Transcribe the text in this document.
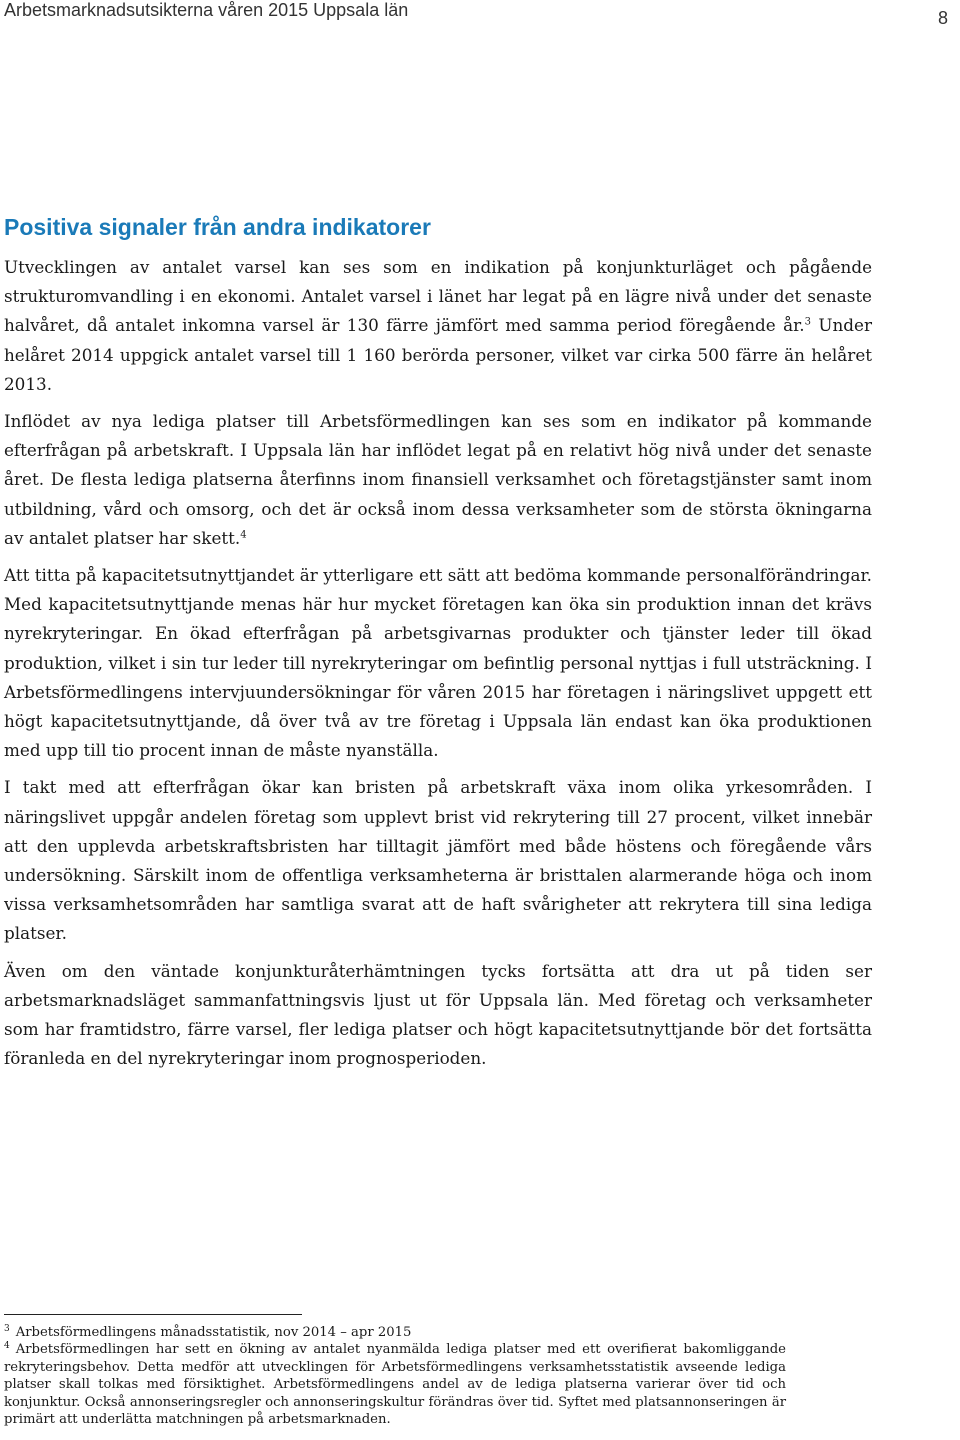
Arbetsmarknadsutsikterna våren 2015 Uppsala län	8
Positiva signaler från andra indikatorer

Utvecklingen av antalet varsel kan ses som en indikation på konjunkturläget och pågående strukturomvandling i en ekonomi. Antalet varsel i länet har legat på en lägre nivå under det senaste halvåret, då antalet inkomna varsel är 130 färre jämfört med samma period föregående år.$^3$ Under helåret 2014 uppgick antalet varsel till 1 160 berörda personer, vilket var cirka 500 färre än helåret 2013.

Inflödet av nya lediga platser till Arbetsförmedlingen kan ses som en indikator på kommande efterfrågan på arbetskraft. I Uppsala län har inflödet legat på en relativt hög nivå under det senaste året. De flesta lediga platserna återfinns inom finansiell verksamhet och företagstjänster samt inom utbildning, vård och omsorg, och det är också inom dessa verksamheter som de största ökningarna av antalet platser har skett.$^4$

Att titta på kapacitetsutnyttjandet är ytterligare ett sätt att bedöma kommande personalförändringar. Med kapacitetsutnyttjande menas här hur mycket företagen kan öka sin produktion innan det krävs nyrekryteringar. En ökad efterfrågan på arbetsgivarnas produkter och tjänster leder till ökad produktion, vilket i sin tur leder till nyrekryteringar om befintlig personal nyttjas i full utsträckning. I Arbetsförmedlingens intervjuundersökningar för våren 2015 har företagen i näringslivet uppgett ett högt kapacitetsutnyttjande, då över två av tre företag i Uppsala län endast kan öka produktionen med upp till tio procent innan de måste nyanställa.

I takt med att efterfrågan ökar kan bristen på arbetskraft växa inom olika yrkesområden. I näringslivet uppgår andelen företag som upplevt brist vid rekrytering till 27 procent, vilket innebär att den upplevda arbetskraftsbristen har tilltagit jämfört med både höstens och föregående vårs undersökning. Särskilt inom de offentliga verksamheterna är bristtalen alarmerande höga och inom vissa verksamhetsområden har samtliga svarat att de haft svårigheter att rekrytera till sina lediga platser.

Även om den väntade konjunkturåterhämtningen tycks fortsätta att dra ut på tiden ser arbetsmarknadsläget sammanfattningsvis ljust ut för Uppsala län. Med företag och verksamheter som har framtidstro, färre varsel, fler lediga platser och högt kapacitetsutnyttjande bör det fortsätta föranleda en del nyrekryteringar inom prognosperioden.

$^3$ Arbetsförmedlingens månadsstatistik, nov 2014 – apr 2015

$^4$ Arbetsförmedlingen har sett en ökning av antalet nyanmälda lediga platser med ett overifierat bakomliggande rekryteringsbehov. Detta medför att utvecklingen för Arbetsförmedlingens verksamhetsstatistik avseende lediga platser skall tolkas med försiktighet. Arbetsförmedlingens andel av de lediga platserna varierar över tid och konjunktur. Också annonseringsregler och annonseringskultur förändras över tid. Syftet med platsannonseringen är primärt att underlätta matchningen på arbetsmarknaden.
